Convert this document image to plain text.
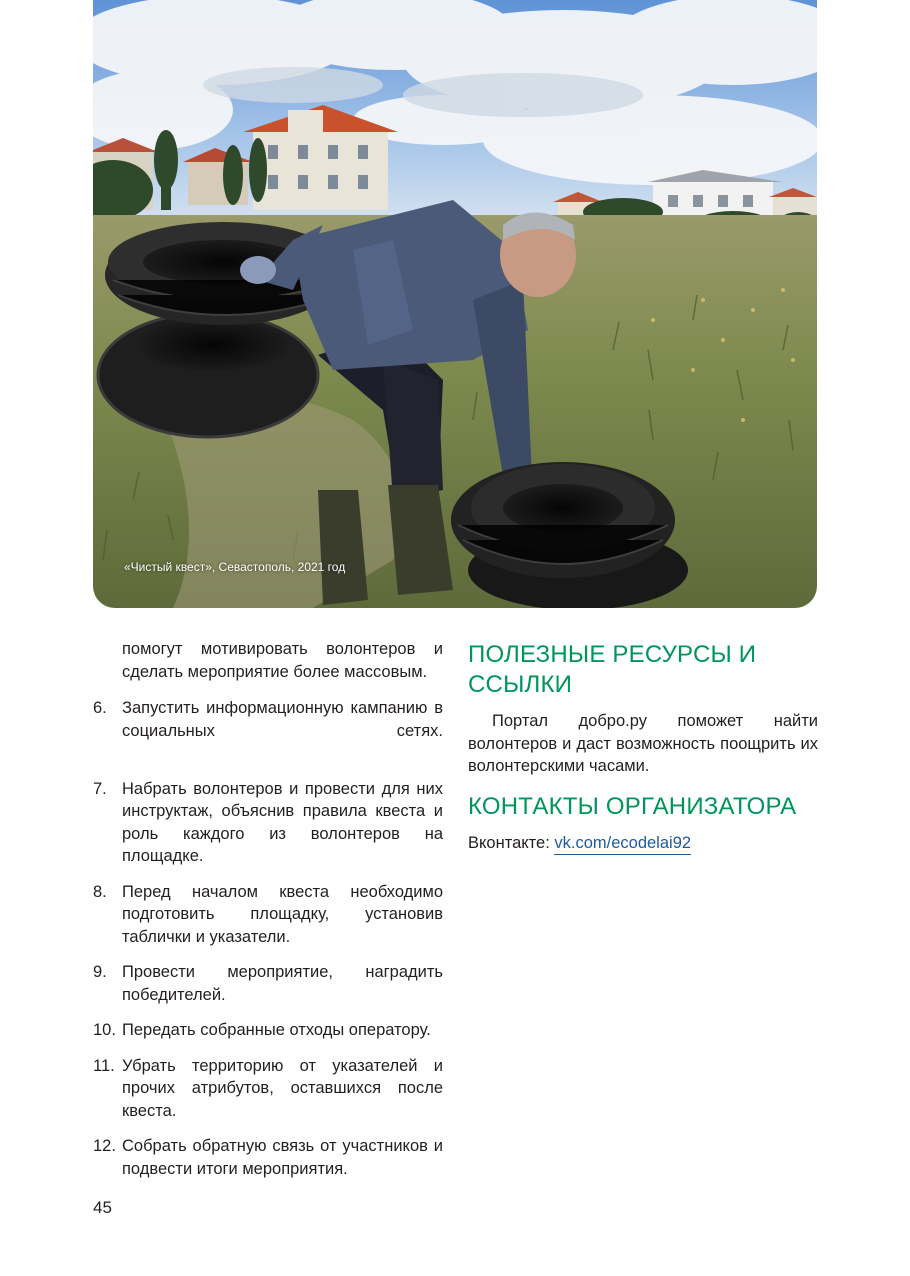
«Чистый квест», Севастополь, 2021 год

помогут мотивировать волонтеров и сделать мероприятие более массовым.

6. Запустить информационную кампанию в социальных сетях.
7. Набрать волонтеров и провести для них инструктаж, объяснив правила квеста и роль каждого из волонтеров на площадке.
8. Перед началом квеста необходимо подготовить площадку, установив таблички и указатели.
9. Провести мероприятие, наградить победителей.
10. Передать собранные отходы оператору.
11. Убрать территорию от указателей и прочих атрибутов, оставшихся после квеста.
12. Собрать обратную связь от участников и подвести итоги мероприятия.
45
ПОЛЕЗНЫЕ РЕСУРСЫ И ССЫЛКИ

Портал добро.ру поможет найти волонтеров и даст возможность поощрить их волонтерскими часами.

КОНТАКТЫ ОРГАНИЗАТОРА

Вконтакте: vk.com/ecodelai92
